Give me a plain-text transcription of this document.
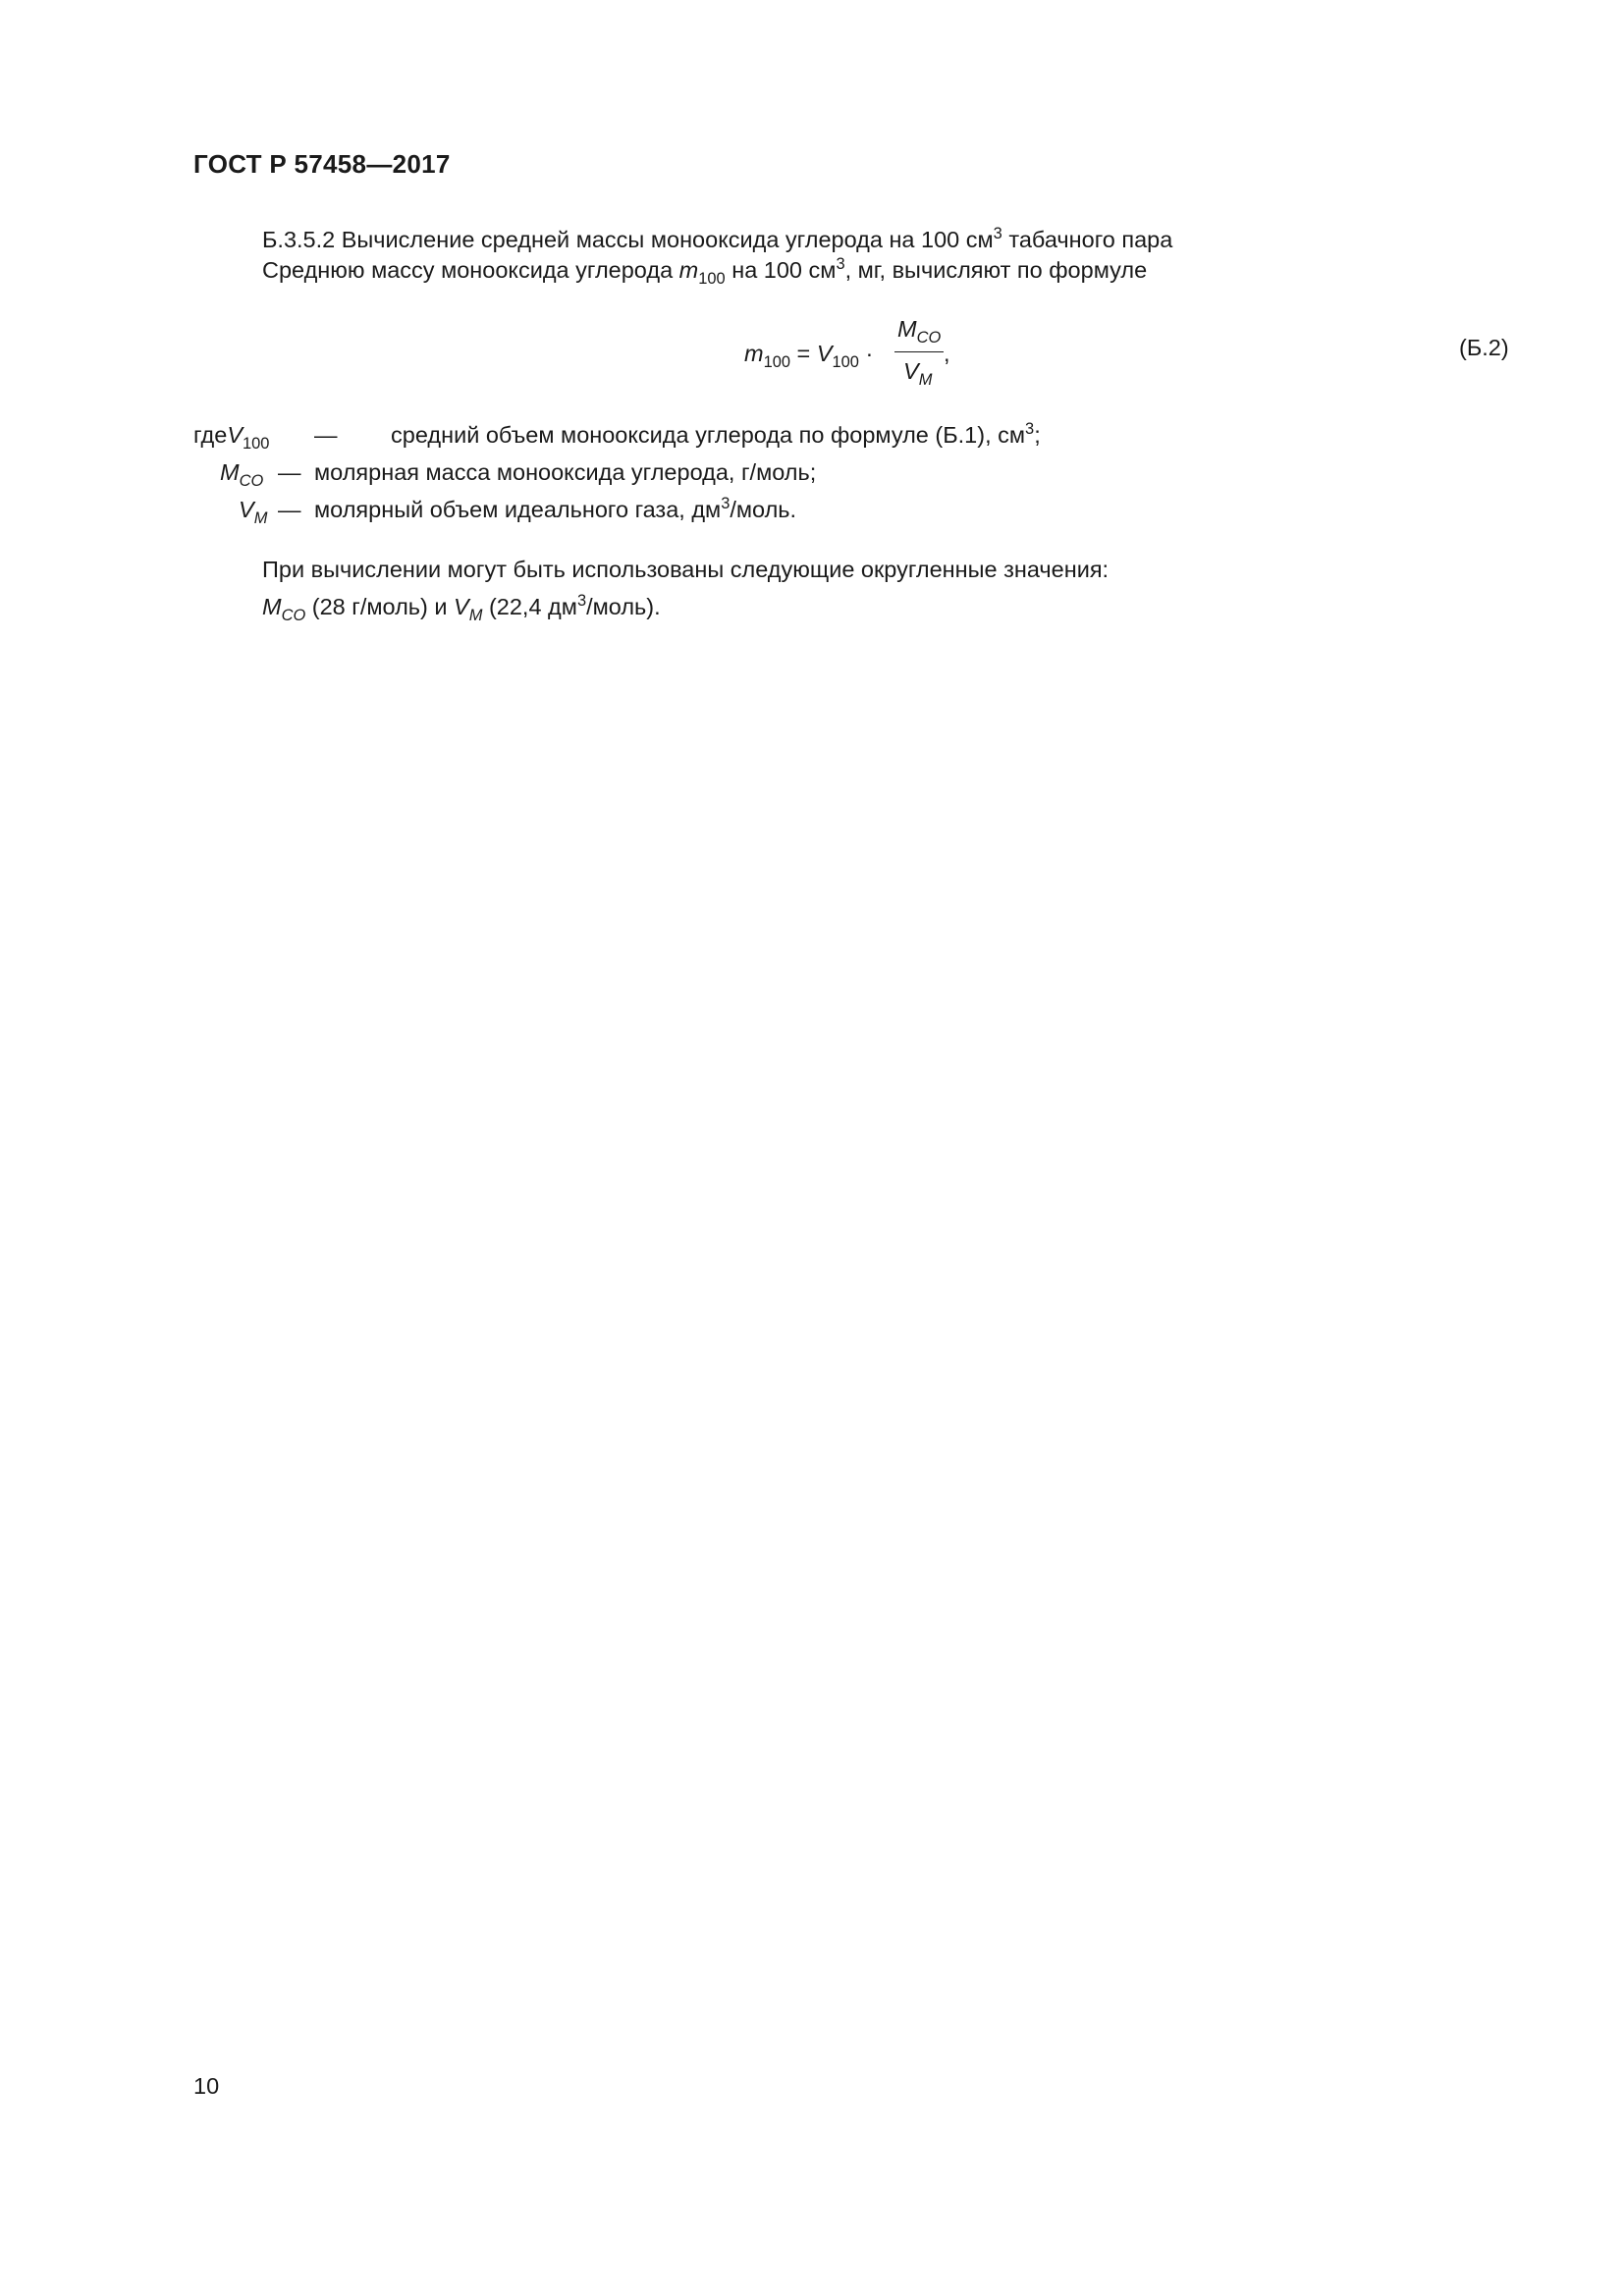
ГОСТ Р 57458—2017
Б.3.5.2 Вычисление средней массы монооксида углерода на 100 $см^3$ табачного пара
Среднюю массу монооксида углерода $m_{100}$ на 100 $см^3$, мг, вычисляют по формуле
$m_{100} = V_{100}$ ·
$M_{CO}$
$V_M$
,	(Б.2)
гдеV$_{100}$ — средний объем монооксида углерода по формуле (Б.1), $см^3$;
$M_{CO}$ — молярная масса монооксида углерода, г/моль;
$V_M$ — молярный объем идеального газа, $дм^3$/моль.
При вычислении могут быть использованы следующие округленные значения:
$M_{CO}$ (28 г/моль) и $V_M$ (22,4 $дм^3/моль$).
10
